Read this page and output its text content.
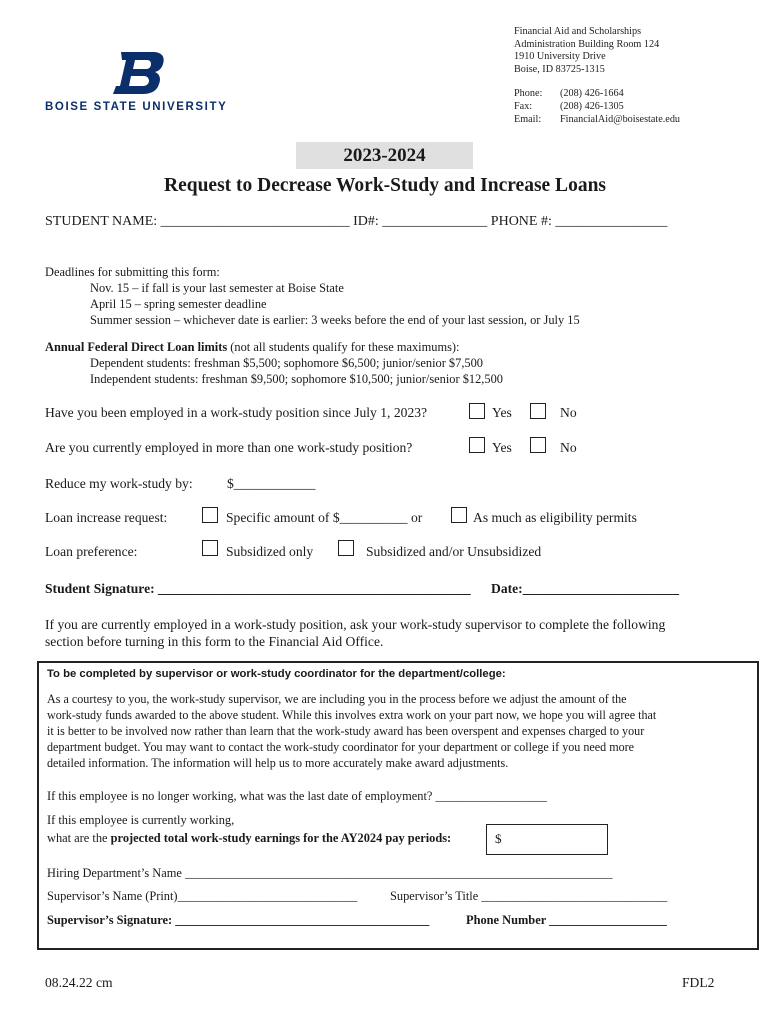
BOISE STATE UNIVERSITY
Financial Aid and Scholarships
Administration Building Room 124
1910 University Drive
Boise, ID 83725-1315
Phone:	(208) 426-1664
Fax:	(208) 426-1305
Email:	FinancialAid@boisestate.edu
2023-2024
Request to Decrease Work-Study and Increase Loans
STUDENT NAME: ___________________________ ID#: _______________ PHONE #: ________________
Deadlines for submitting this form:
Nov. 15 – if fall is your last semester at Boise State
April 15 – spring semester deadline
Summer session – whichever date is earlier: 3 weeks before the end of your last session, or July 15
Annual Federal Direct Loan limits (not all students qualify for these maximums):
Dependent students: freshman $5,500; sophomore $6,500; junior/senior $7,500
Independent students: freshman $9,500; sophomore $10,500; junior/senior $12,500
Have you been employed in a work-study position since July 1, 2023?	Yes	No
Are you currently employed in more than one work-study position?	Yes	No
Reduce my work-study by:	$____________
Loan increase request:	Specific amount of $__________ or	As much as eligibility permits
Loan preference:	Subsidized only	Subsidized and/or Unsubsidized
Student Signature: ______________________________________________ Date:_______________________
If you are currently employed in a work-study position, ask your work-study supervisor to complete the following
section before turning in this form to the Financial Aid Office.
To be completed by supervisor or work-study coordinator for the department/college:
As a courtesy to you, the work-study supervisor, we are including you in the process before we adjust the amount of the
work-study funds awarded to the above student. While this involves extra work on your part now, we hope you will agree that
it is better to be involved now rather than learn that the work-study award has been overspent and expenses charged to your
department budget. You may want to contact the work-study coordinator for your department or college if you need more
detailed information. The information will help us to more accurately make award adjustments.
If this employee is no longer working, what was the last date of employment? __________________
If this employee is currently working,
what are the projected total work-study earnings for the AY2024 pay periods:	$
Hiring Department’s Name _____________________________________________________________________
Supervisor’s Name (Print)_____________________________	Supervisor’s Title ______________________________
Supervisor’s Signature: _________________________________________	Phone Number ___________________
08.24.22 cm	FDL2
